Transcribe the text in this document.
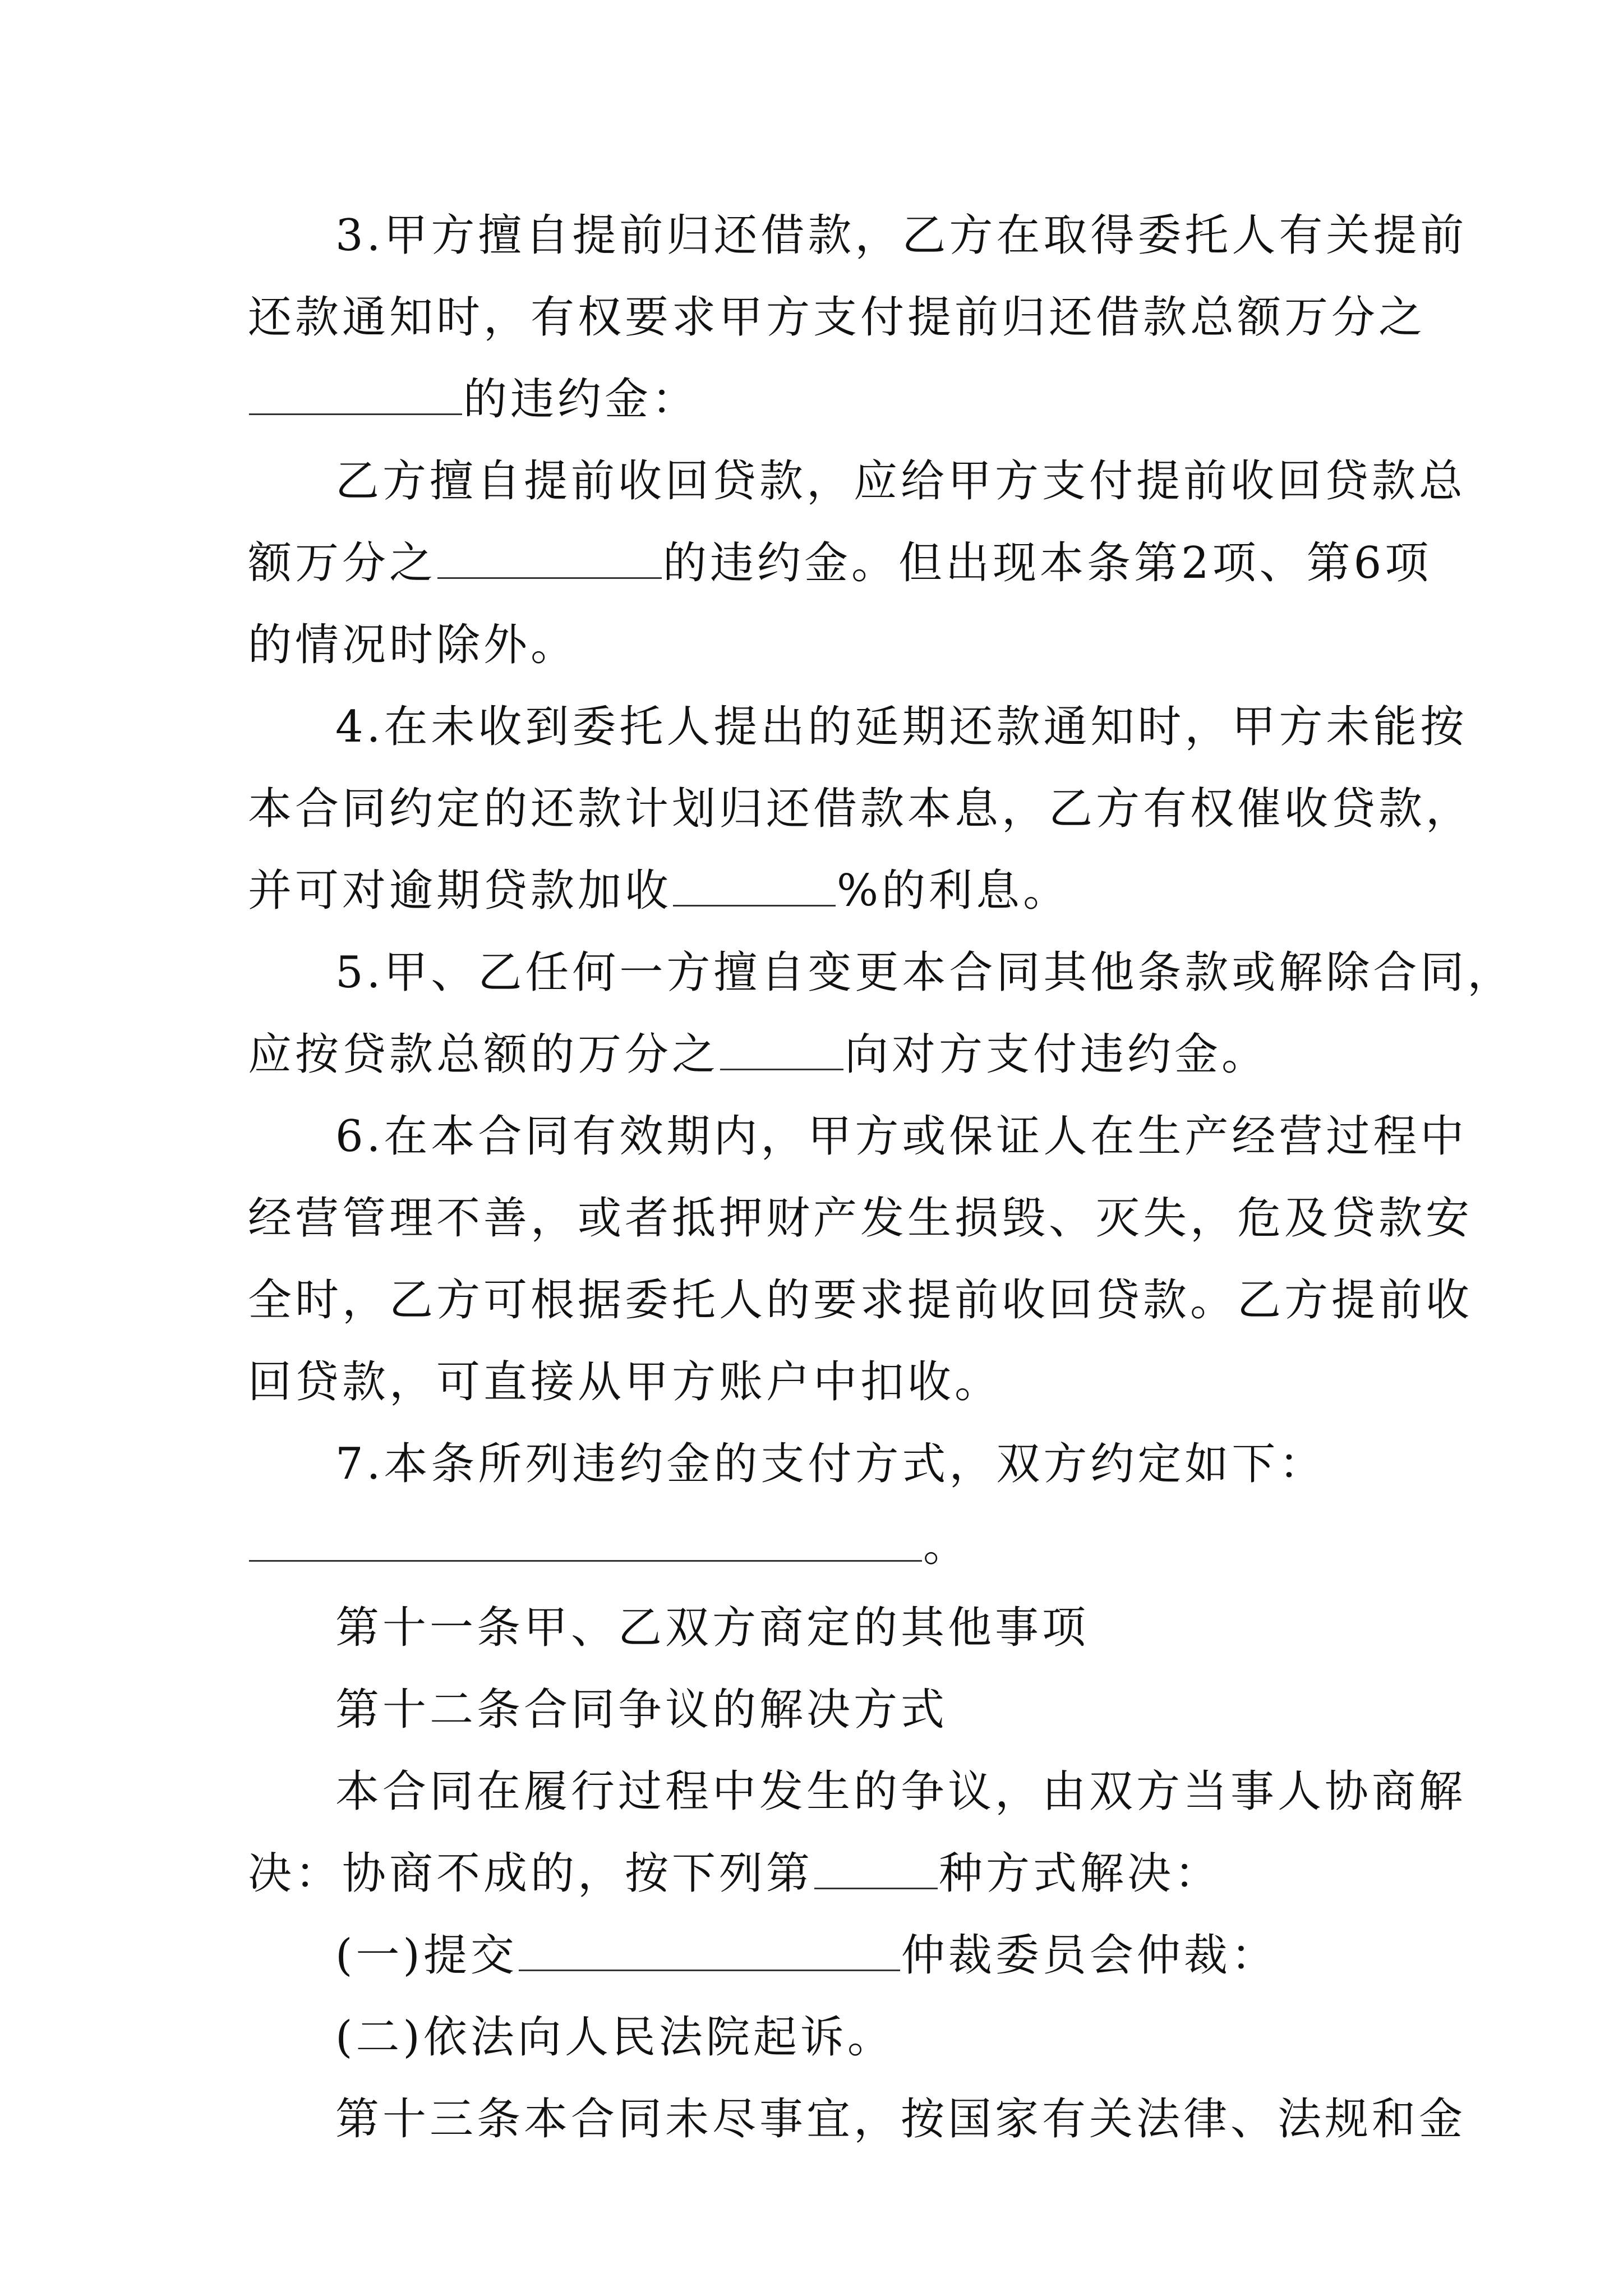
3.甲方擅自提前归还借款，乙方在取得委托人有关提前
还款通知时，有权要求甲方支付提前归还借款总额万分之
的违约金：
乙方擅自提前收回贷款，应给甲方支付提前收回贷款总
额万分之	的违约金。但出现本条第2项、第6项
的情况时除外。
4.在未收到委托人提出的延期还款通知时，甲方未能按
本合同约定的还款计划归还借款本息，乙方有权催收贷款，
并可对逾期贷款加收	%的利息。
5.甲、乙任何一方擅自变更本合同其他条款或解除合同，
应按贷款总额的万分之	向对方支付违约金。
6.在本合同有效期内，甲方或保证人在生产经营过程中
经营管理不善，或者抵押财产发生损毁、灭失，危及贷款安
全时，乙方可根据委托人的要求提前收回贷款。乙方提前收
回贷款，可直接从甲方账户中扣收。
7.本条所列违约金的支付方式，双方约定如下：
。
第十一条甲、乙双方商定的其他事项
第十二条合同争议的解决方式
本合同在履行过程中发生的争议，由双方当事人协商解
决：协商不成的，按下列第	种方式解决：
(一)提交	仲裁委员会仲裁：
(二)依法向人民法院起诉。
第十三条本合同未尽事宜，按国家有关法律、法规和金
